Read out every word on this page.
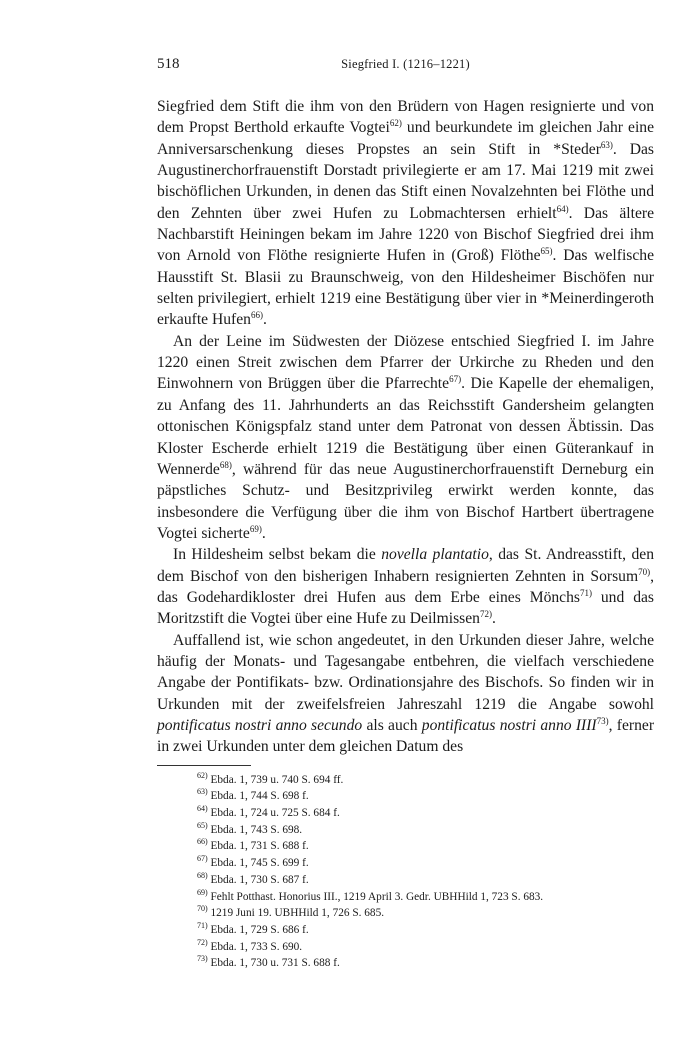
518	Siegfried I. (1216–1221)

Siegfried dem Stift die ihm von den Brüdern von Hagen resignierte und von dem Propst Berthold erkaufte Vogtei$^{62)}$ und beurkundete im gleichen Jahr eine Anniversarschenkung dieses Propstes an sein Stift in *Steder$^{63)}$. Das Augustinerchorfrauenstift Dorstadt privilegierte er am 17. Mai 1219 mit zwei bischöflichen Urkunden, in denen das Stift einen Novalzehnten bei Flöthe und den Zehnten über zwei Hufen zu Lobmachtersen erhielt$^{64)}$. Das ältere Nachbarstift Heiningen bekam im Jahre 1220 von Bischof Siegfried drei ihm von Arnold von Flöthe resignierte Hufen in (Groß) Flöthe$^{65)}$. Das welfische Hausstift St. Blasii zu Braunschweig, von den Hildesheimer Bischöfen nur selten privilegiert, erhielt 1219 eine Bestätigung über vier in *Meinerdingeroth erkaufte Hufen$^{66)}$.

An der Leine im Südwesten der Diözese entschied Siegfried I. im Jahre 1220 einen Streit zwischen dem Pfarrer der Urkirche zu Rheden und den Einwohnern von Brüggen über die Pfarrechte$^{67)}$. Die Kapelle der ehemaligen, zu Anfang des 11. Jahrhunderts an das Reichsstift Gandersheim gelangten ottonischen Königspfalz stand unter dem Patronat von dessen Äbtissin. Das Kloster Escherde erhielt 1219 die Bestätigung über einen Güterankauf in Wennerde$^{68)}$, während für das neue Augustinerchorfrauenstift Derneburg ein päpstliches Schutz- und Besitzprivileg erwirkt werden konnte, das insbesondere die Verfügung über die ihm von Bischof Hartbert übertragene Vogtei sicherte$^{69)}$.

In Hildesheim selbst bekam die novella plantatio, das St. Andreasstift, den dem Bischof von den bisherigen Inhabern resignierten Zehnten in Sorsum$^{70)}$, das Godehardikloster drei Hufen aus dem Erbe eines Mönchs$^{71)}$ und das Moritzstift die Vogtei über eine Hufe zu Deilmissen$^{72)}$.

Auffallend ist, wie schon angedeutet, in den Urkunden dieser Jahre, welche häufig der Monats- und Tagesangabe entbehren, die vielfach verschiedene Angabe der Pontifikats- bzw. Ordinationsjahre des Bischofs. So finden wir in Urkunden mit der zweifelsfreien Jahreszahl 1219 die Angabe sowohl pontificatus nostri anno secundo als auch pontificatus nostri anno IIII$^{73)}$, ferner in zwei Urkunden unter dem gleichen Datum des

$^{62)}$ Ebda. 1, 739 u. 740 S. 694 ff.
$^{63)}$ Ebda. 1, 744 S. 698 f.
$^{64)}$ Ebda. 1, 724 u. 725 S. 684 f.
$^{65)}$ Ebda. 1, 743 S. 698.
$^{66)}$ Ebda. 1, 731 S. 688 f.
$^{67)}$ Ebda. 1, 745 S. 699 f.
$^{68)}$ Ebda. 1, 730 S. 687 f.
$^{69)}$ Fehlt Potthast. Honorius III., 1219 April 3. Gedr. UBHHild 1, 723 S. 683.
$^{70)}$ 1219 Juni 19. UBHHild 1, 726 S. 685.
$^{71)}$ Ebda. 1, 729 S. 686 f.
$^{72)}$ Ebda. 1, 733 S. 690.
$^{73)}$ Ebda. 1, 730 u. 731 S. 688 f.
